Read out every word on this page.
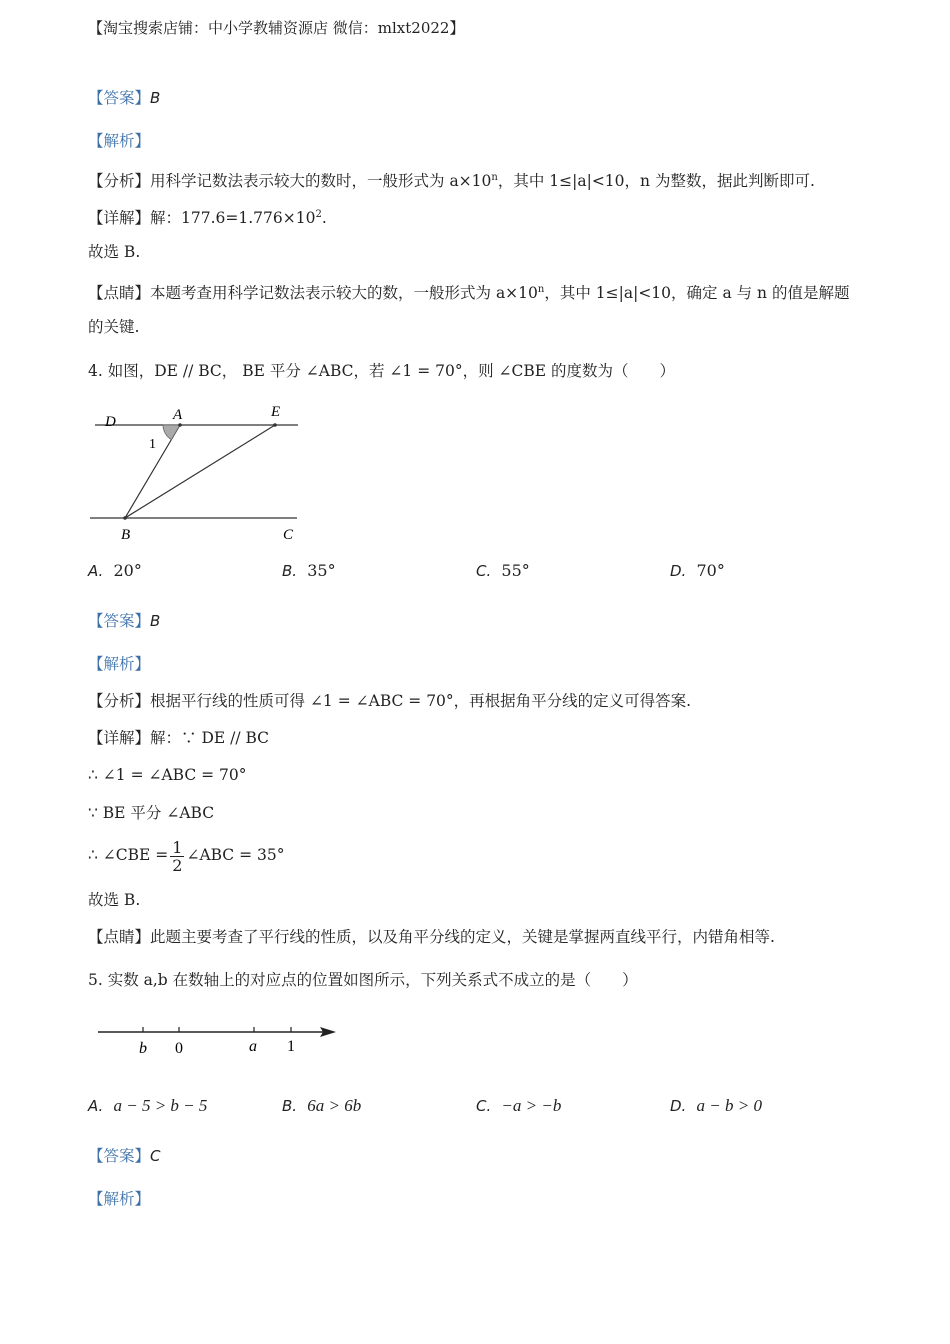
【淘宝搜索店铺：中小学教辅资源店 微信：mlxt2022】
【答案】B
【解析】
【分析】用科学记数法表示较大的数时，一般形式为 $a\times 10^n$，其中 1≤|a|<10，n 为整数，据此判断即可.
【详解】解：$177.6=1.776\times 10^2$.
故选 B.
【点睛】本题考查用科学记数法表示较大的数，一般形式为 $a\times 10^n$，其中 1≤|a|<10，确定 a 与 n 的值是解题
的关键.
4. 如图，DE // BC， BE 平分 ∠ABC，若 ∠1 = 70°，则 ∠CBE 的度数为（　　）
D	A	E
1
B	C
A. 20°	B. 35°	C. 55°	D. 70°
【答案】B
【解析】
【分析】根据平行线的性质可得 ∠1 = ∠ABC = 70°，再根据角平分线的定义可得答案.
【详解】解：∵ DE // BC
∴ ∠1 = ∠ABC = 70°
∵ BE 平分 ∠ABC
∴ ∠CBE = $\frac{1}{2}$ ∠ABC = 35°
故选 B.
【点睛】此题主要考查了平行线的性质，以及角平分线的定义，关键是掌握两直线平行，内错角相等.
5. 实数 a,b 在数轴上的对应点的位置如图所示，下列关系式不成立的是（　　）
b 0	a 1
A. a − 5 > b − 5	B. 6a > 6b	C. −a > −b	D. a − b > 0
【答案】C
【解析】
